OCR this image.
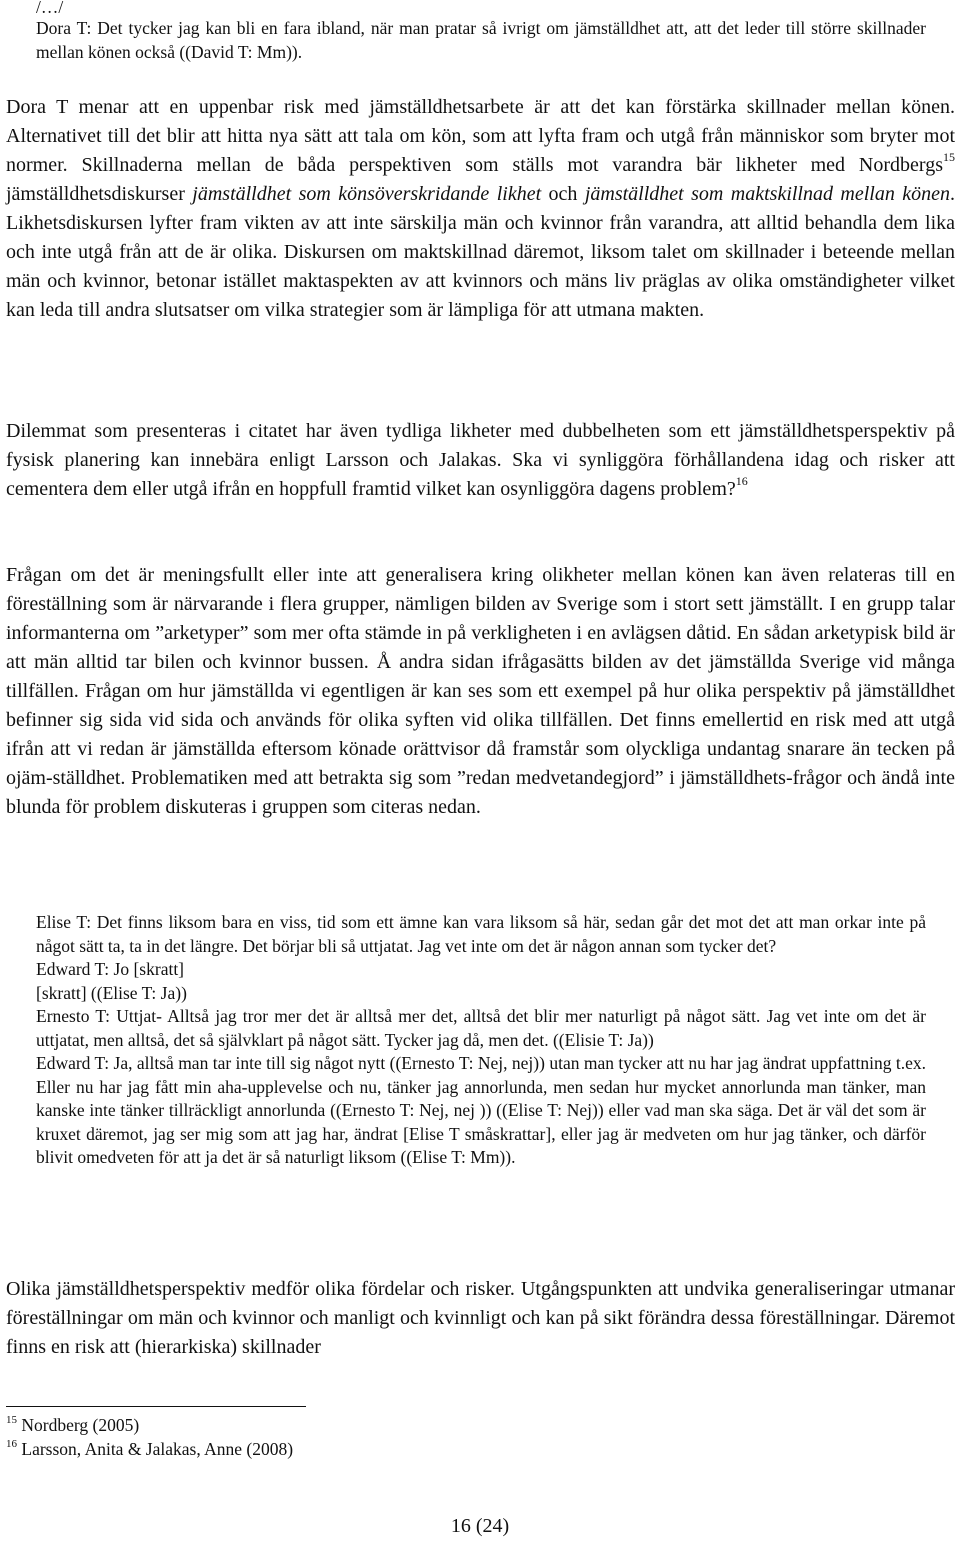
/…/

Dora T: Det tycker jag kan bli en fara ibland, när man pratar så ivrigt om jämställdhet att, att det leder till större skillnader mellan könen också ((David T: Mm)).

Dora T menar att en uppenbar risk med jämställdhetsarbete är att det kan förstärka skillnader mellan könen. Alternativet till det blir att hitta nya sätt att tala om kön, som att lyfta fram och utgå från människor som bryter mot normer. Skillnaderna mellan de båda perspektiven som ställs mot varandra bär likheter med Nordbergs$^{15}$ jämställdhetsdiskurser jämställdhet som könsöverskridande likhet och jämställdhet som maktskillnad mellan könen. Likhetsdiskursen lyfter fram vikten av att inte särskilja män och kvinnor från varandra, att alltid behandla dem lika och inte utgå från att de är olika. Diskursen om maktskillnad däremot, liksom talet om skillnader i beteende mellan män och kvinnor, betonar istället maktaspekten av att kvinnors och mäns liv präglas av olika omständigheter vilket kan leda till andra slutsatser om vilka strategier som är lämpliga för att utmana makten.

Dilemmat som presenteras i citatet har även tydliga likheter med dubbelheten som ett jämställdhetsperspektiv på fysisk planering kan innebära enligt Larsson och Jalakas. Ska vi synliggöra förhållandena idag och risker att cementera dem eller utgå ifrån en hoppfull framtid vilket kan osynliggöra dagens problem?$^{16}$

Frågan om det är meningsfullt eller inte att generalisera kring olikheter mellan könen kan även relateras till en föreställning som är närvarande i flera grupper, nämligen bilden av Sverige som i stort sett jämställt. I en grupp talar informanterna om ”arketyper” som mer ofta stämde in på verkligheten i en avlägsen dåtid. En sådan arketypisk bild är att män alltid tar bilen och kvinnor bussen. Å andra sidan ifrågasätts bilden av det jämställda Sverige vid många tillfällen. Frågan om hur jämställda vi egentligen är kan ses som ett exempel på hur olika perspektiv på jämställdhet befinner sig sida vid sida och används för olika syften vid olika tillfällen. Det finns emellertid en risk med att utgå ifrån att vi redan är jämställda eftersom könade orättvisor då framstår som olyckliga undantag snarare än tecken på ojäm-ställdhet. Problematiken med att betrakta sig som ”redan medvetandegjord” i jämställdhets-frågor och ändå inte blunda för problem diskuteras i gruppen som citeras nedan.

Elise T: Det finns liksom bara en viss, tid som ett ämne kan vara liksom så här, sedan går det mot det att man orkar inte på något sätt ta, ta in det längre. Det börjar bli så uttjatat. Jag vet inte om det är någon annan som tycker det?

Edward T: Jo [skratt]

[skratt] ((Elise T: Ja))

Ernesto T: Uttjat- Alltså jag tror mer det är alltså mer det, alltså det blir mer naturligt på något sätt. Jag vet inte om det är uttjatat, men alltså, det så självklart på något sätt. Tycker jag då, men det. ((Elisie T: Ja))

Edward T: Ja, alltså man tar inte till sig något nytt ((Ernesto T: Nej, nej)) utan man tycker att nu har jag ändrat uppfattning t.ex. Eller nu har jag fått min aha-upplevelse och nu, tänker jag annorlunda, men sedan hur mycket annorlunda man tänker, man kanske inte tänker tillräckligt annorlunda ((Ernesto T: Nej, nej )) ((Elise T: Nej)) eller vad man ska säga. Det är väl det som är kruxet däremot, jag ser mig som att jag har, ändrat [Elise T småskrattar], eller jag är medveten om hur jag tänker, och därför blivit omedveten för att ja det är så naturligt liksom ((Elise T: Mm)).

Olika jämställdhetsperspektiv medför olika fördelar och risker. Utgångspunkten att undvika generaliseringar utmanar föreställningar om män och kvinnor och manligt och kvinnligt och kan på sikt förändra dessa föreställningar. Däremot finns en risk att (hierarkiska) skillnader

$^{15}$ Nordberg (2005)
$^{16}$ Larsson, Anita & Jalakas, Anne (2008)
16 (24)
